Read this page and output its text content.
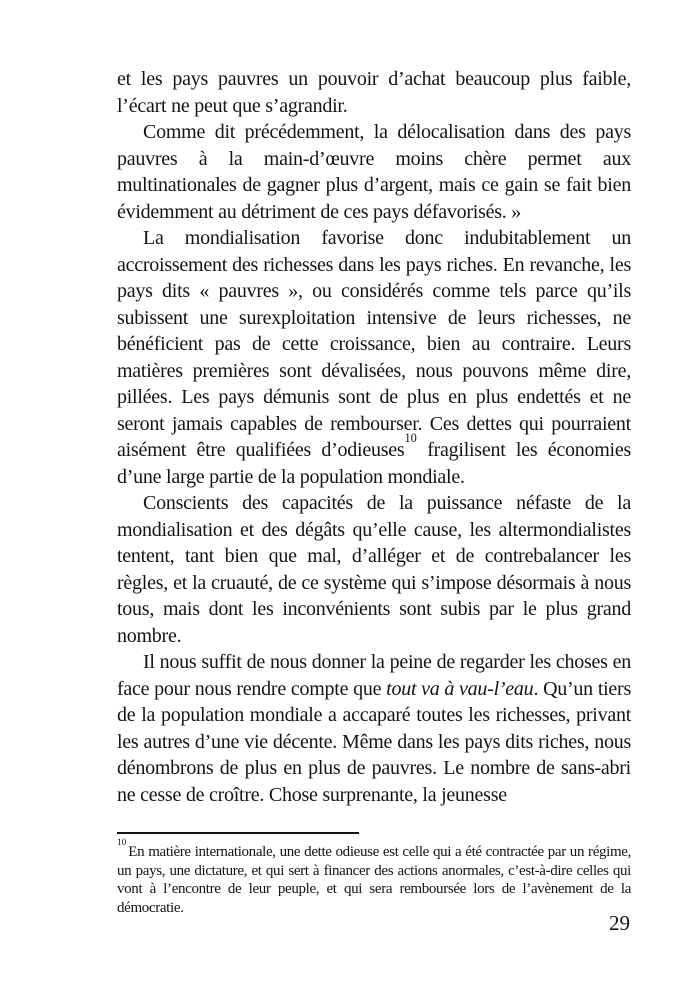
et les pays pauvres un pouvoir d’achat beaucoup plus faible, l’écart ne peut que s’agrandir.

Comme dit précédemment, la délocalisation dans des pays pauvres à la main-d’œuvre moins chère permet aux multinationales de gagner plus d’argent, mais ce gain se fait bien évidemment au détriment de ces pays défavorisés. »

La mondialisation favorise donc indubitablement un accroissement des richesses dans les pays riches. En revanche, les pays dits « pauvres », ou considérés comme tels parce qu’ils subissent une surexploitation intensive de leurs richesses, ne bénéficient pas de cette croissance, bien au contraire. Leurs matières premières sont dévalisées, nous pouvons même dire, pillées. Les pays démunis sont de plus en plus endettés et ne seront jamais capables de rembourser. Ces dettes qui pourraient aisément être qualifiées d’odieuses$^{10}$ fragilisent les économies d’une large partie de la population mondiale.

Conscients des capacités de la puissance néfaste de la mondialisation et des dégâts qu’elle cause, les altermondialistes tentent, tant bien que mal, d’alléger et de contrebalancer les règles, et la cruauté, de ce système qui s’impose désormais à nous tous, mais dont les inconvénients sont subis par le plus grand nombre.

Il nous suffit de nous donner la peine de regarder les choses en face pour nous rendre compte que tout va à vau-l’eau. Qu’un tiers de la population mondiale a accaparé toutes les richesses, privant les autres d’une vie décente. Même dans les pays dits riches, nous dénombrons de plus en plus de pauvres. Le nombre de sans-abri ne cesse de croître. Chose surprenante, la jeunesse

$^{10}$En matière internationale, une dette odieuse est celle qui a été contractée par un régime, un pays, une dictature, et qui sert à financer des actions anormales, c’est-à-dire celles qui vont à l’encontre de leur peuple, et qui sera remboursée lors de l’avènement de la démocratie.

29
